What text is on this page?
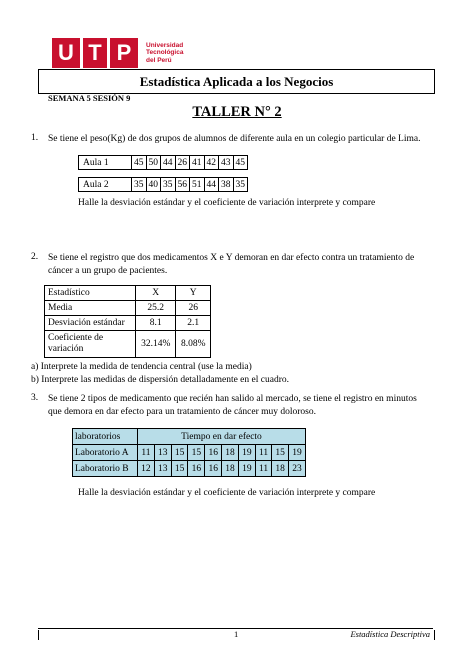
U T P	Universidad
Tecnológica
del Perú
Estadística Aplicada a los Negocios
SEMANA 5 SESIÓN 9
TALLER N° 2
1. Se tiene el peso(Kg) de dos grupos de alumnos de diferente aula en un colegio particular de Lima.
Aula 1	45	50	44	26	41	42	43	45
Aula 2	35	40	35	56	51	44	38	35
Halle la desviación estándar y el coeficiente de variación interprete y compare
2. Se tiene el registro que dos medicamentos X e Y demoran en dar efecto contra un tratamiento de
cáncer a un grupo de pacientes.
Estadístico	X	Y
Media	25.2	26
Desviación estándar	8.1	2.1
Coeficiente de variación	32.14%	8.08%
a) Interprete la medida de tendencia central (use la media)
b) Interprete las medidas de dispersión detalladamente en el cuadro.
3. Se tiene 2 tipos de medicamento que recién han salido al mercado, se tiene el registro en minutos
que demora en dar efecto para un tratamiento de cáncer muy doloroso.
laboratorios	Tiempo en dar efecto									
Laboratorio A	11	13	15	15	16	18	19	11	15	19
Laboratorio B	12	13	15	16	16	18	19	11	18	23
Halle la desviación estándar y el coeficiente de variación interprete y compare
1	Estadística Descriptiva
